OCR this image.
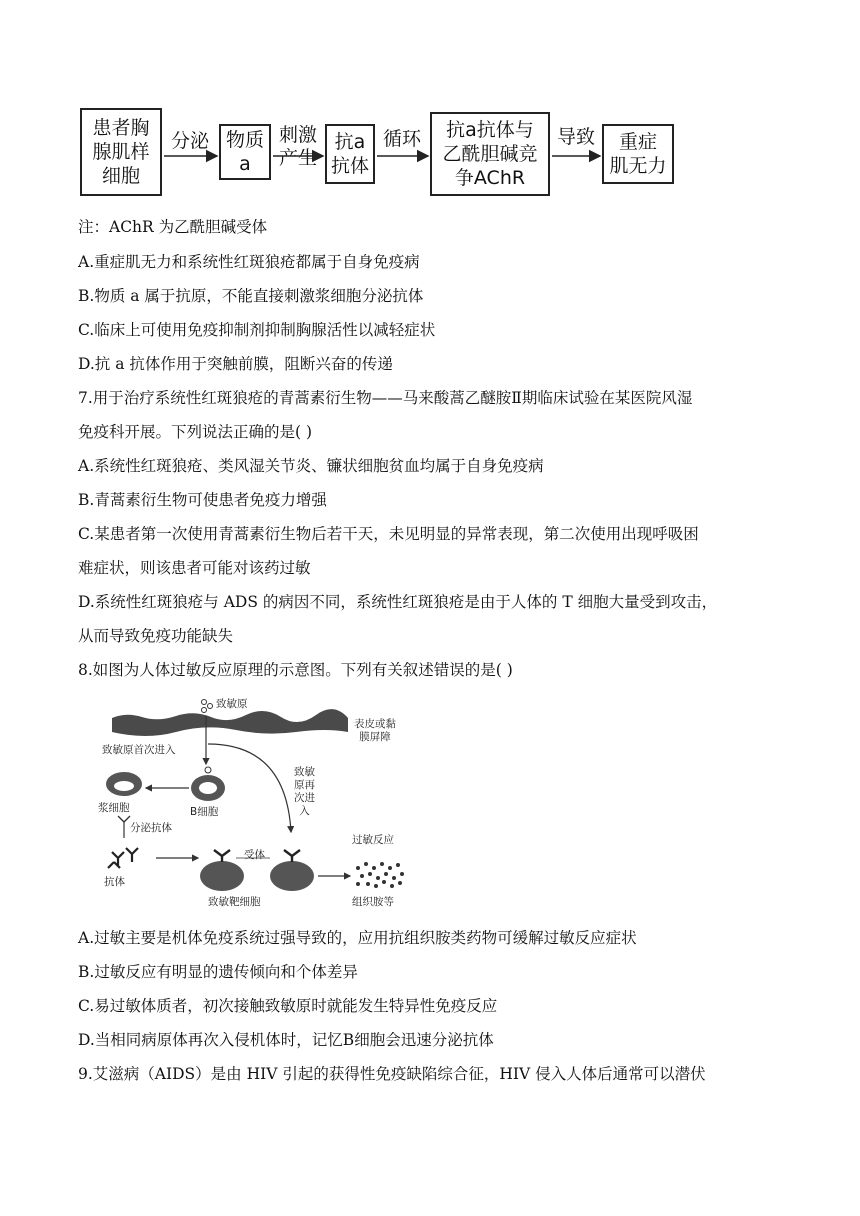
患者胸
腺肌样
细胞
分泌 物质
a
刺激
产生
抗a
抗体
循环	抗a抗体与
乙酰胆碱竞
争AChR
导致	重症
肌无力
注：AChR 为乙酰胆碱受体
A.重症肌无力和系统性红斑狼疮都属于自身免疫病
B.物质 a 属于抗原，不能直接刺激浆细胞分泌抗体
C.临床上可使用免疫抑制剂抑制胸腺活性以减轻症状
D.抗 a 抗体作用于突触前膜，阻断兴奋的传递
7.用于治疗系统性红斑狼疮的青蒿素衍生物——马来酸蒿乙醚胺Ⅱ期临床试验在某医院风湿
免疫科开展。下列说法正确的是( )
A.系统性红斑狼疮、类风湿关节炎、镰状细胞贫血均属于自身免疫病
B.青蒿素衍生物可使患者免疫力增强
C.某患者第一次使用青蒿素衍生物后若干天，未见明显的异常表现，第二次使用出现呼吸困
难症状，则该患者可能对该药过敏
D.系统性红斑狼疮与 ADS 的病因不同，系统性红斑狼疮是由于人体的 T 细胞大量受到攻击，
从而导致免疫功能缺失
8.如图为人体过敏反应原理的示意图。下列有关叙述错误的是( )
致敏原
表皮或黏
膜屏障
致敏原首次进入
致敏
原再
次进
入
浆细胞	B细胞
分泌抗体
抗体
受体
致敏靶细胞
过敏反应
组织胺等
A.过敏主要是机体免疫系统过强导致的，应用抗组织胺类药物可缓解过敏反应症状
B.过敏反应有明显的遗传倾向和个体差异
C.易过敏体质者，初次接触致敏原时就能发生特异性免疫反应
D.当相同病原体再次入侵机体时，记忆B细胞会迅速分泌抗体
9.艾滋病（AIDS）是由 HIV 引起的获得性免疫缺陷综合征，HIV 侵入人体后通常可以潜伏
